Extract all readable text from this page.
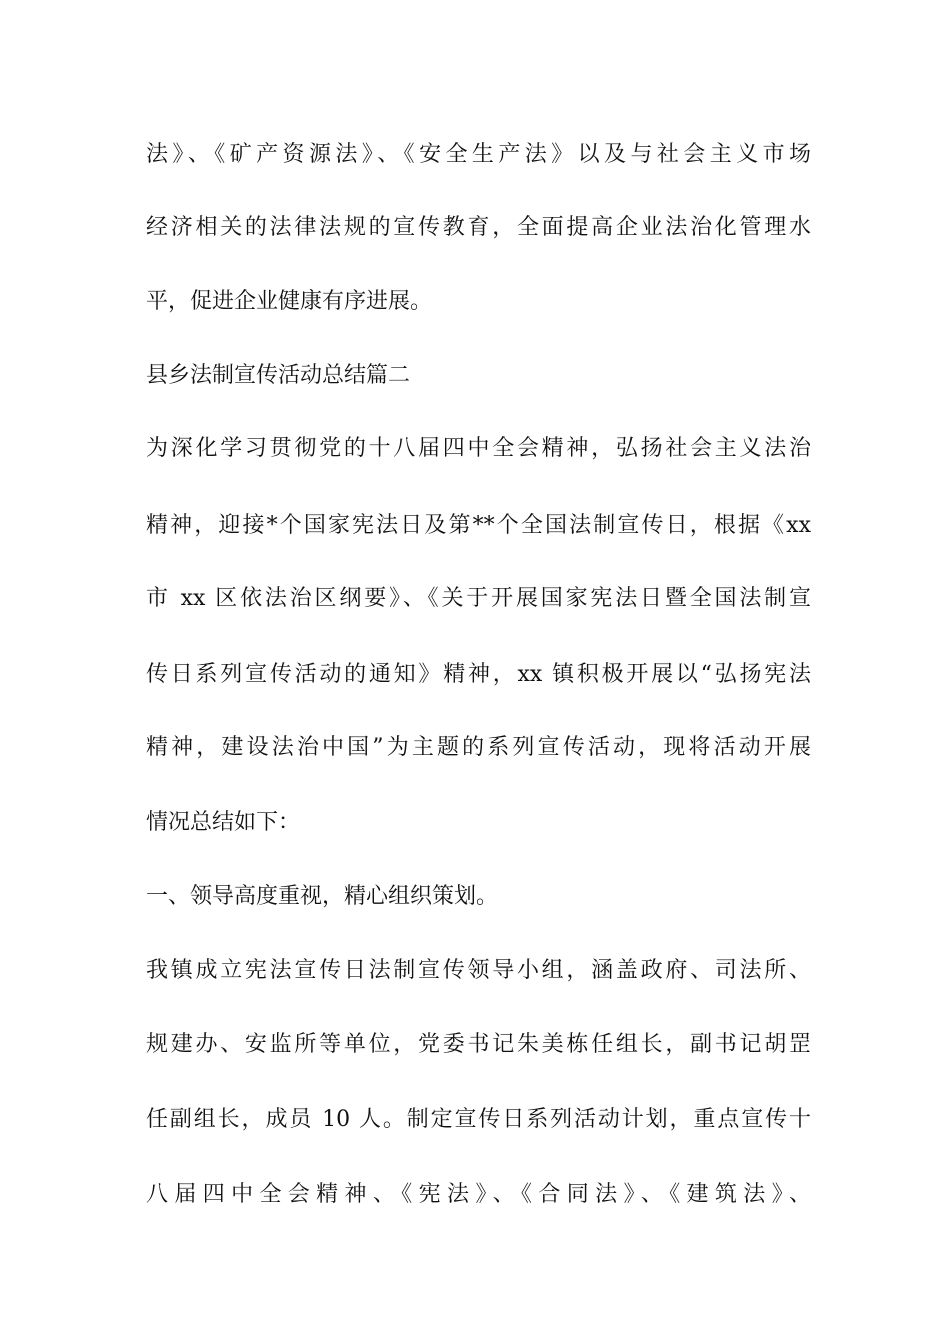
法》、《矿产资源法》、《安全生产法》以及与社会主义市场
经济相关的法律法规的宣传教育，全面提高企业法治化管理水
平，促进企业健康有序进展。
县乡法制宣传活动总结篇二
为深化学习贯彻党的十八届四中全会精神，弘扬社会主义法治
精神，迎接*个国家宪法日及第**个全国法制宣传日，根据《xx
市 xx 区依法治区纲要》、《关于开展国家宪法日暨全国法制宣
传日系列宣传活动的通知》精神，xx 镇积极开展以“弘扬宪法
精神，建设法治中国”为主题的系列宣传活动，现将活动开展
情况总结如下：
一、领导高度重视，精心组织策划。
我镇成立宪法宣传日法制宣传领导小组，涵盖政府、司法所、
规建办、安监所等单位，党委书记朱美栋任组长，副书记胡罡
任副组长，成员 10 人。制定宣传日系列活动计划，重点宣传十
八届四中全会精神、《宪法》、《合同法》、《建筑法》、
